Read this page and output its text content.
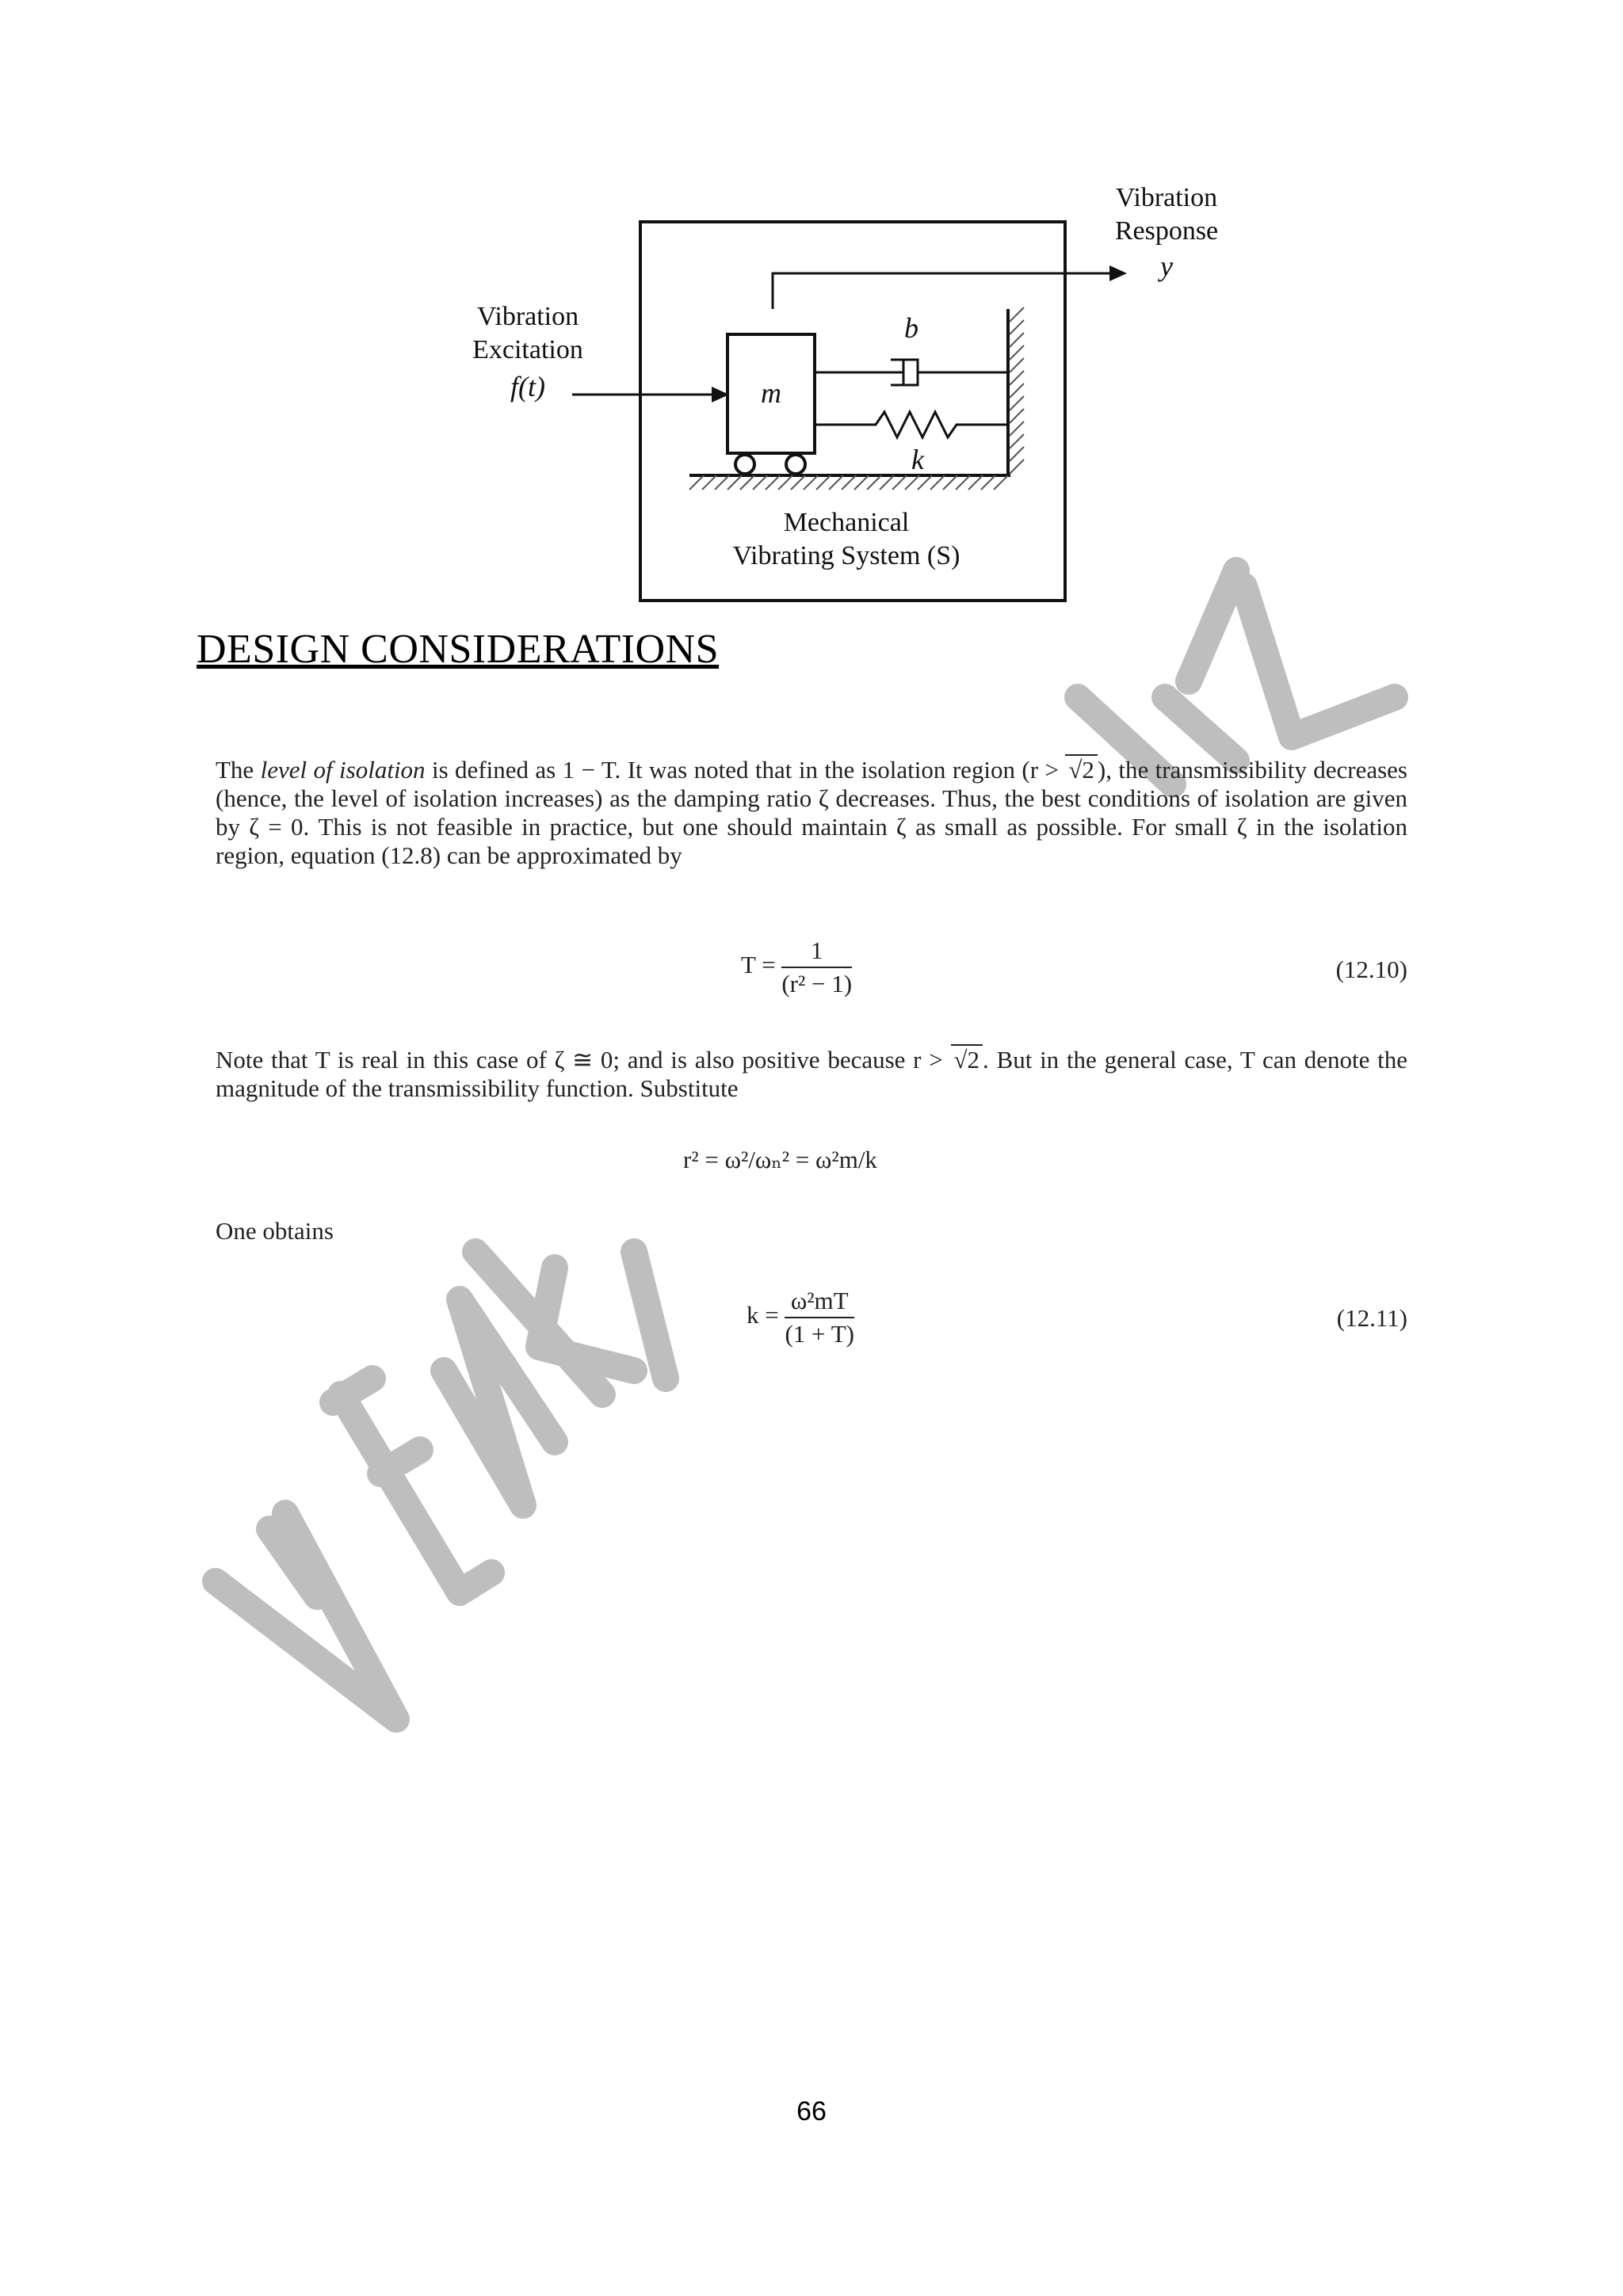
Vibration
Response
y
Vibration
Excitation
f(t)	m
b
k
Mechanical
Vibrating System (S)
DESIGN CONSIDERATIONS
The level of isolation is defined as 1 − T. It was noted that in the isolation region (r > √2 ), the transmissibility decreases (hence, the level of isolation increases) as the damping ratio ζ decreases. Thus, the best conditions of isolation are given by ζ = 0. This is not feasible in practice, but one should maintain ζ as small as possible. For small ζ in the isolation region, equation (12.8) can be approximated by
$T = \frac{1}{\text{(r² − 1)}}$	(12.10)
Note that T is real in this case of ζ ≅ 0; and is also positive because r > √2 . But in the general case, T can denote the magnitude of the transmissibility function. Substitute
r² = ω²/ωₙ² = ω²m/k
One obtains
$k = \frac{\text{ω²mT}}{(1 + T)}$	(12.11)
66
